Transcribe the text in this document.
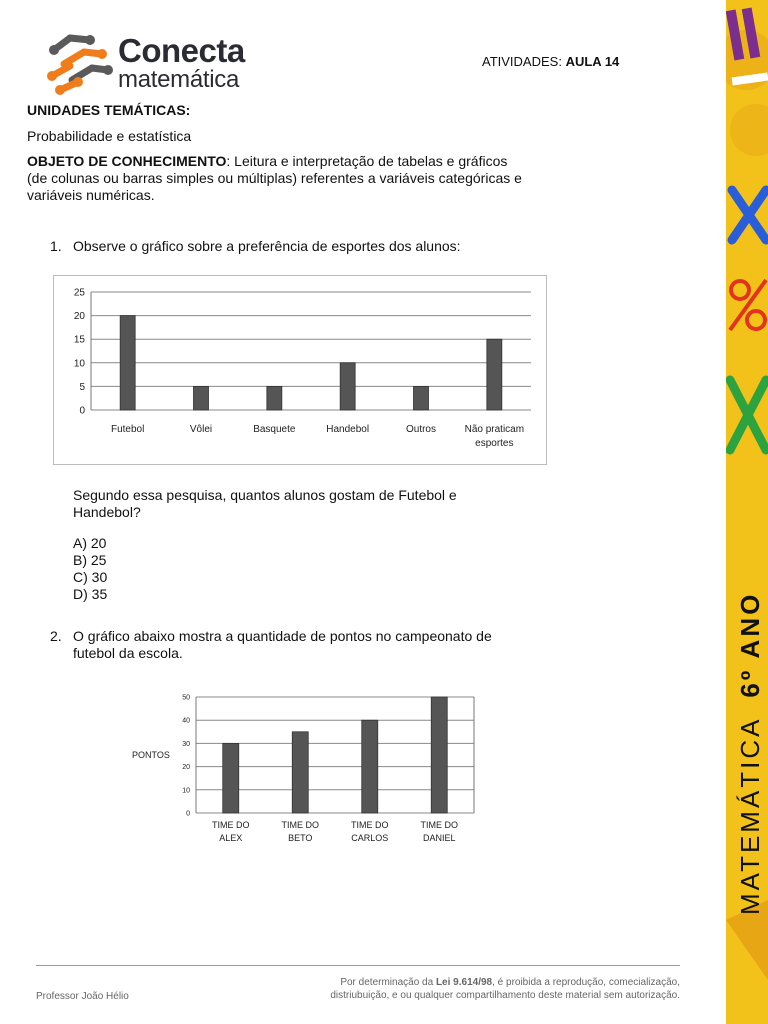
Conecta
matemática
ATIVIDADES: AULA 14
UNIDADES TEMÁTICAS:
Probabilidade e estatística
OBJETO DE CONHECIMENTO: Leitura e interpretação de tabelas e gráficos
(de colunas ou barras simples ou múltiplas) referentes a variáveis categóricas e
variáveis numéricas.
1. Observe o gráfico sobre a preferência de esportes dos alunos:
0
5
10
15
20
25
Futebol	Vôlei	Basquete	Handebol	Outros	Não praticam
esportes
Segundo essa pesquisa, quantos alunos gostam de Futebol e
Handebol?
A) 20
B) 25
C) 30
D) 35
2. O gráfico abaixo mostra a quantidade de pontos no campeonato de
futebol da escola.
0
10
20
30
40
50
TIME DO
ALEX
TIME DO
BETO
TIME DO
CARLOS
TIME DO
DANIEL
PONTOS	MATEMÁTICA 6º ANO
Professor João Hélio
Por determinação da Lei 9.614/98, é proibida a reprodução, comecialização,
distriubuição, e ou qualquer compartilhamento deste material sem autorização.
